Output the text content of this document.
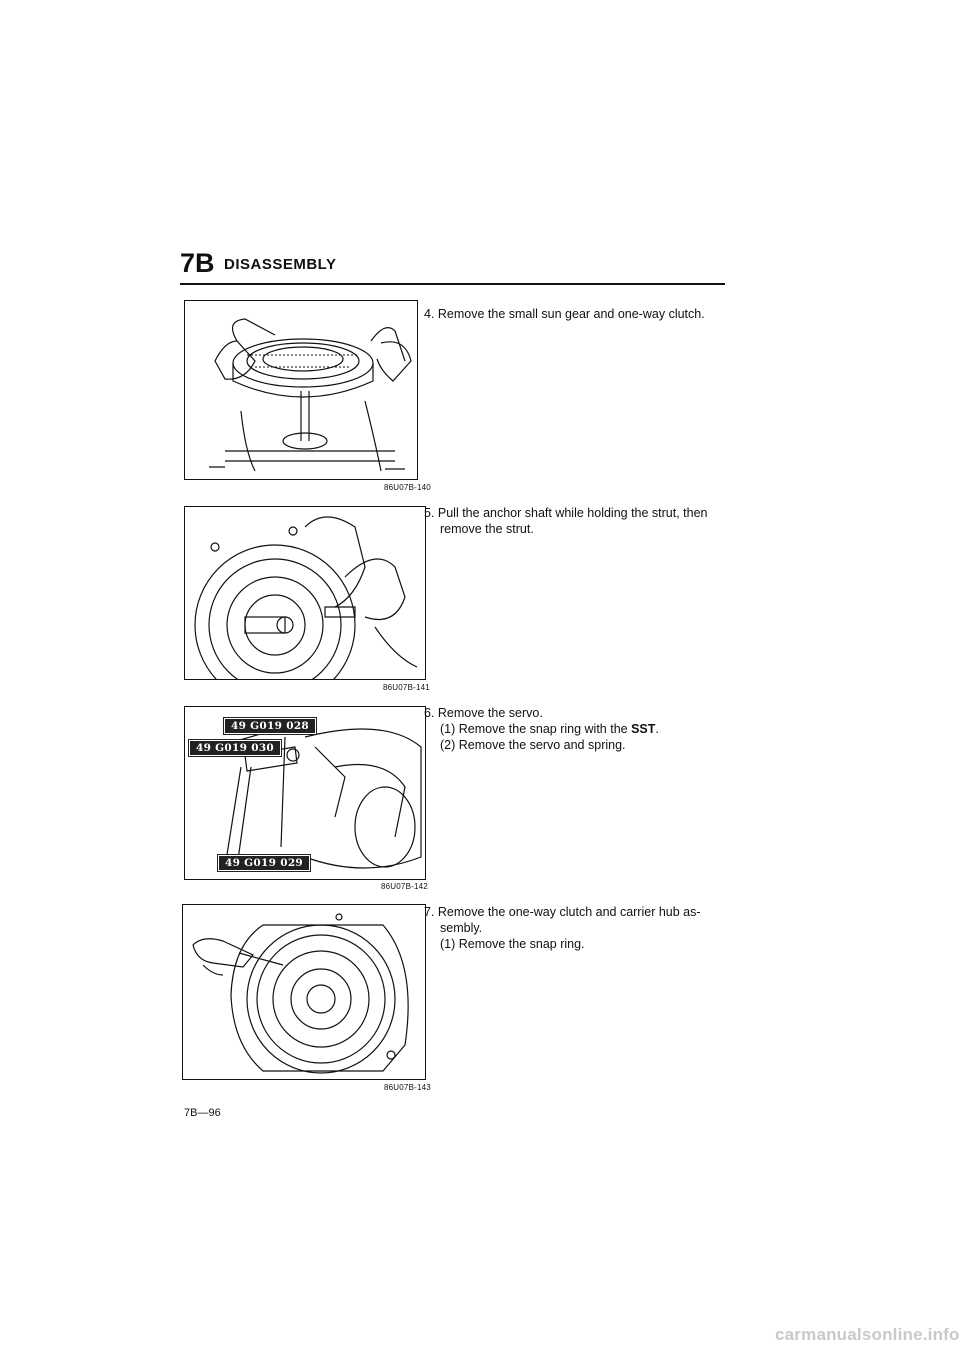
7B DISASSEMBLY
86U07B-140
86U07B-141
49 G019 028
49 G019 030
49 G019 029
86U07B-142
86U07B-143
4. Remove the small sun gear and one-way clutch.
5. Pull the anchor shaft while holding the strut, then
remove the strut.
6. Remove the servo.
(1) Remove the snap ring with the SST.
(2) Remove the servo and spring.
7. Remove the one-way clutch and carrier hub as-
sembly.
(1) Remove the snap ring.
7B—96
carmanualsonline.info
